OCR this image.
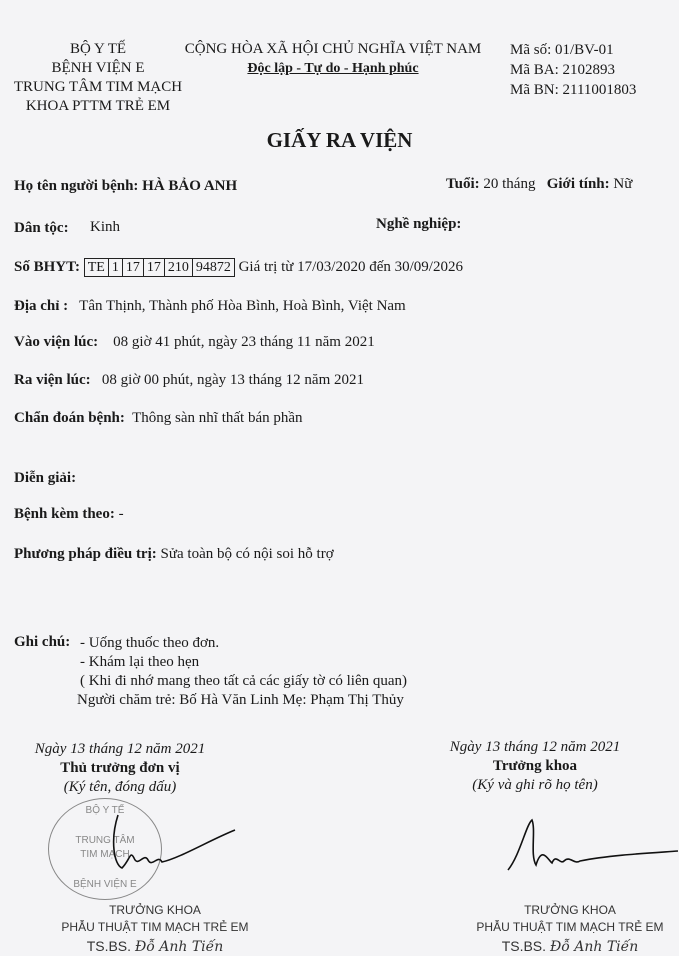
BỘ Y TẾ
BỆNH VIỆN E
TRUNG TÂM TIM MẠCH
KHOA PTTM TRẺ EM
CỘNG HÒA XÃ HỘI CHỦ NGHĨA VIỆT NAM
Độc lập - Tự do - Hạnh phúc
Mã số: 01/BV-01
Mã BA: 2102893
Mã BN: 2111001803
GIẤY RA VIỆN
Họ tên người bệnh: HÀ BẢO ANH	Tuổi: 20 tháng Giới tính: Nữ
Dân tộc: Kinh	Nghề nghiệp:
Số BHYT: TE 1 17 17 210 94872 Giá trị từ 17/03/2020 đến 30/09/2026
Địa chỉ : Tân Thịnh, Thành phố Hòa Bình, Hoà Bình, Việt Nam
Vào viện lúc: 08 giờ 41 phút, ngày 23 tháng 11 năm 2021
Ra viện lúc: 08 giờ 00 phút, ngày 13 tháng 12 năm 2021
Chẩn đoán bệnh: Thông sàn nhĩ thất bán phần
Diễn giải:
Bệnh kèm theo: -
Phương pháp điều trị: Sửa toàn bộ có nội soi hỗ trợ
Ghi chú: - Uống thuốc theo đơn.
- Khám lại theo hẹn
( Khi đi nhớ mang theo tất cả các giấy tờ có liên quan)
Người chăm trẻ: Bố Hà Văn Linh Mẹ: Phạm Thị Thủy
Ngày 13 tháng 12 năm 2021
Thủ trưởng đơn vị
(Ký tên, đóng dấu)
BỘ Y TẾ
TRUNG TÂM
TIM MẠCH
BỆNH VIỆN E
TRƯỞNG KHOA
PHẪU THUẬT TIM MẠCH TRẺ EM
TS.BS. Đỗ Anh Tiến
Ngày 13 tháng 12 năm 2021
Trưởng khoa
(Ký và ghi rõ họ tên)
TRƯỞNG KHOA
PHẪU THUẬT TIM MẠCH TRẺ EM
TS.BS. Đỗ Anh Tiến
